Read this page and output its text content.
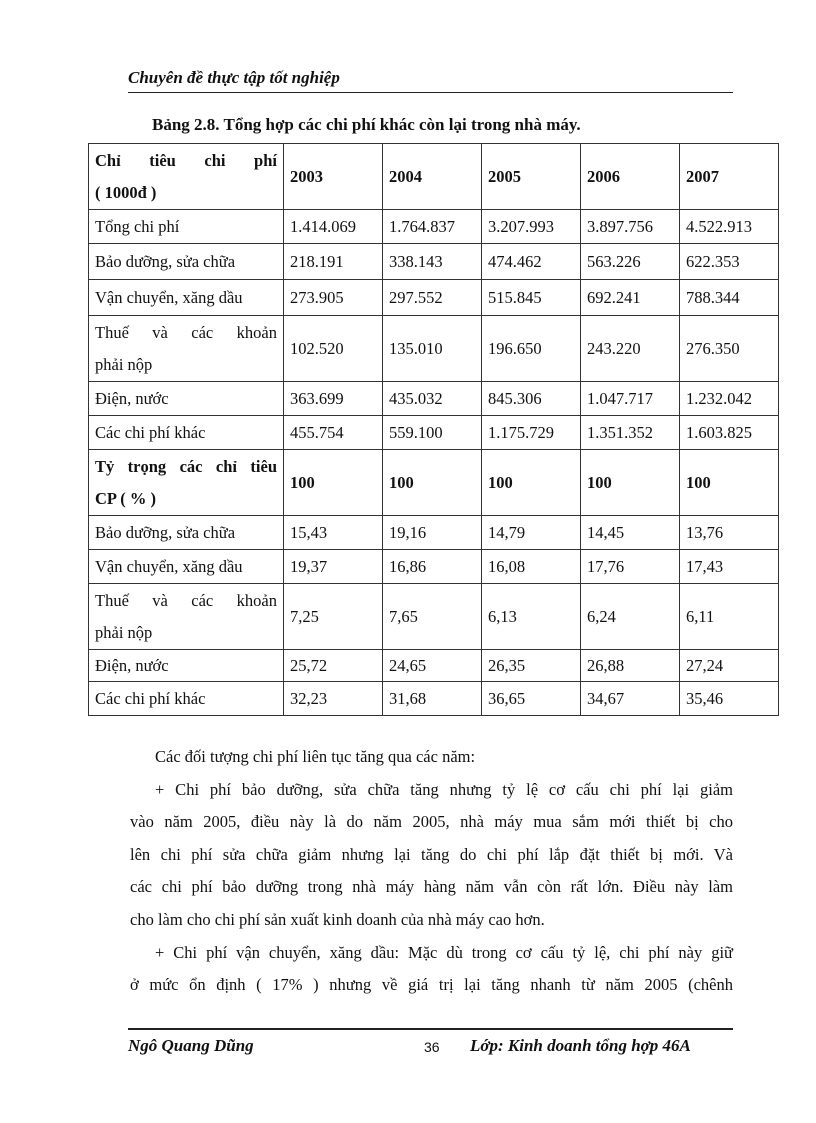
Chuyên đề thực tập tốt nghiệp
Bảng 2.8. Tổng hợp các chi phí khác còn lại trong nhà máy.
Chỉ tiêu chi phí
( 1000đ )	2003	2004	2005	2006	2007
Tổng chi phí	1.414.069	1.764.837	3.207.993	3.897.756	4.522.913
Bảo dưỡng, sửa chữa	218.191	338.143	474.462	563.226	622.353
Vận chuyển, xăng dầu	273.905	297.552	515.845	692.241	788.344

Thuế và các khoản
phải nộp	102.520	135.010	196.650	243.220	276.350
Điện, nước	363.699	435.032	845.306	1.047.717	1.232.042
Các chi phí khác	455.754	559.100	1.175.729	1.351.352	1.603.825

Tỷ trọng các chỉ tiêu
CP ( % )	100	100	100	100	100
Bảo dưỡng, sửa chữa	15,43	19,16	14,79	14,45	13,76
Vận chuyển, xăng dầu	19,37	16,86	16,08	17,76	17,43

Thuế và các khoản
phải nộp	7,25	7,65	6,13	6,24	6,11
Điện, nước	25,72	24,65	26,35	26,88	27,24
Các chi phí khác	32,23	31,68	36,65	34,67	35,46

Các đối tượng chi phí liên tục tăng qua các năm:

+ Chi phí bảo dưỡng, sửa chữa tăng nhưng tỷ lệ cơ cấu chi phí lại giảm
vào năm 2005, điều này là do năm 2005, nhà máy mua sắm mới thiết bị cho
lên chi phí sửa chữa giảm nhưng lại tăng do chi phí lắp đặt thiết bị mới. Và
các chi phí bảo dưỡng trong nhà máy hàng năm vẫn còn rất lớn. Điều này làm
cho làm cho chi phí sản xuất kinh doanh của nhà máy cao hơn.

+ Chi phí vận chuyển, xăng dầu: Mặc dù trong cơ cấu tỷ lệ, chi phí này giữ
ở mức ổn định ( 17% ) nhưng về giá trị lại tăng nhanh từ năm 2005 (chênh

Ngô Quang Dũng	36 Lớp: Kinh doanh tổng hợp 46A
